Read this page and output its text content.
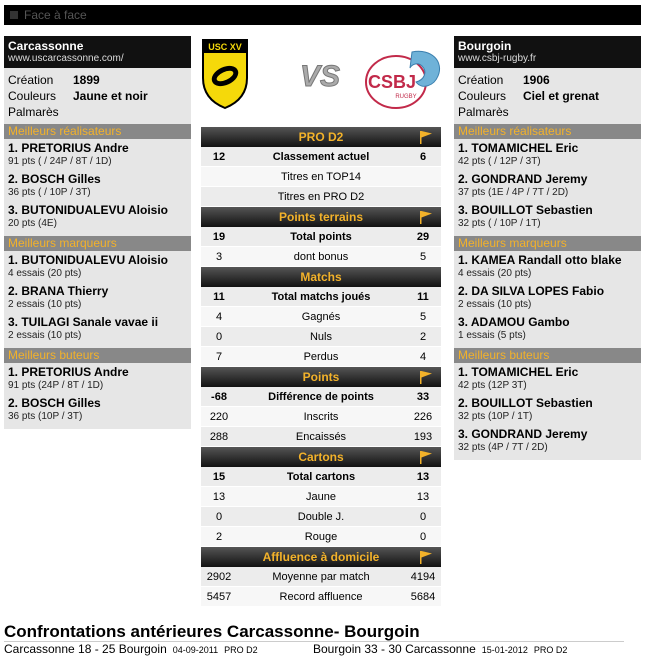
Face à face
Carcassonne
www.uscarcassonne.com/
Création 1899
Couleurs Jaune et noir
Palmarès
Meilleurs réalisateurs
1. PRETORIUS Andre
91 pts ( / 24P / 8T / 1D)
2. BOSCH Gilles
36 pts ( / 10P / 3T)
3. BUTONIDUALEVU Aloisio
20 pts (4E)
Meilleurs marqueurs
1. BUTONIDUALEVU Aloisio
4 essais (20 pts)
2. BRANA Thierry
2 essais (10 pts)
3. TUILAGI Sanale vavae ii
2 essais (10 pts)
Meilleurs buteurs
1. PRETORIUS Andre
91 pts (24P / 8T / 1D)
2. BOSCH Gilles
36 pts (10P / 3T)
Bourgoin
www.csbj-rugby.fr
Création 1906
Couleurs Ciel et grenat
Palmarès
Meilleurs réalisateurs
1. TOMAMICHEL Eric
42 pts ( / 12P / 3T)
2. GONDRAND Jeremy
37 pts (1E / 4P / 7T / 2D)
3. BOUILLOT Sebastien
32 pts ( / 10P / 1T)
Meilleurs marqueurs
1. KAMEA Randall otto blake
4 essais (20 pts)
2. DA SILVA LOPES Fabio
2 essais (10 pts)
3. ADAMOU Gambo
1 essais (5 pts)
Meilleurs buteurs
1. TOMAMICHEL Eric
42 pts (12P 3T)
2. BOUILLOT Sebastien
32 pts (10P / 1T)
3. GONDRAND Jeremy
32 pts (4P / 7T / 2D)
USC XV
VS CSBJ
RUGBY
PRO D2
12	Classement actuel	6
Titres en TOP14
Titres en PRO D2
Points terrains
19	Total points	29
3	dont bonus	5
Matchs
11	Total matchs joués	11
4	Gagnés	5
0	Nuls	2
7	Perdus	4
Points
-68	Différence de points	33
220	Inscrits	226
288	Encaissés	193
Cartons
15	Total cartons	13
13	Jaune	13
0	Double J.	0
2	Rouge	0
Affluence à domicile
2902	Moyenne par match	4194
5457	Record affluence	5684
Confrontations antérieures Carcassonne- Bourgoin
Carcassonne 18 - 25 Bourgoin 04-09-2011 PRO D2	Bourgoin 33 - 30 Carcassonne 15-01-2012 PRO D2
